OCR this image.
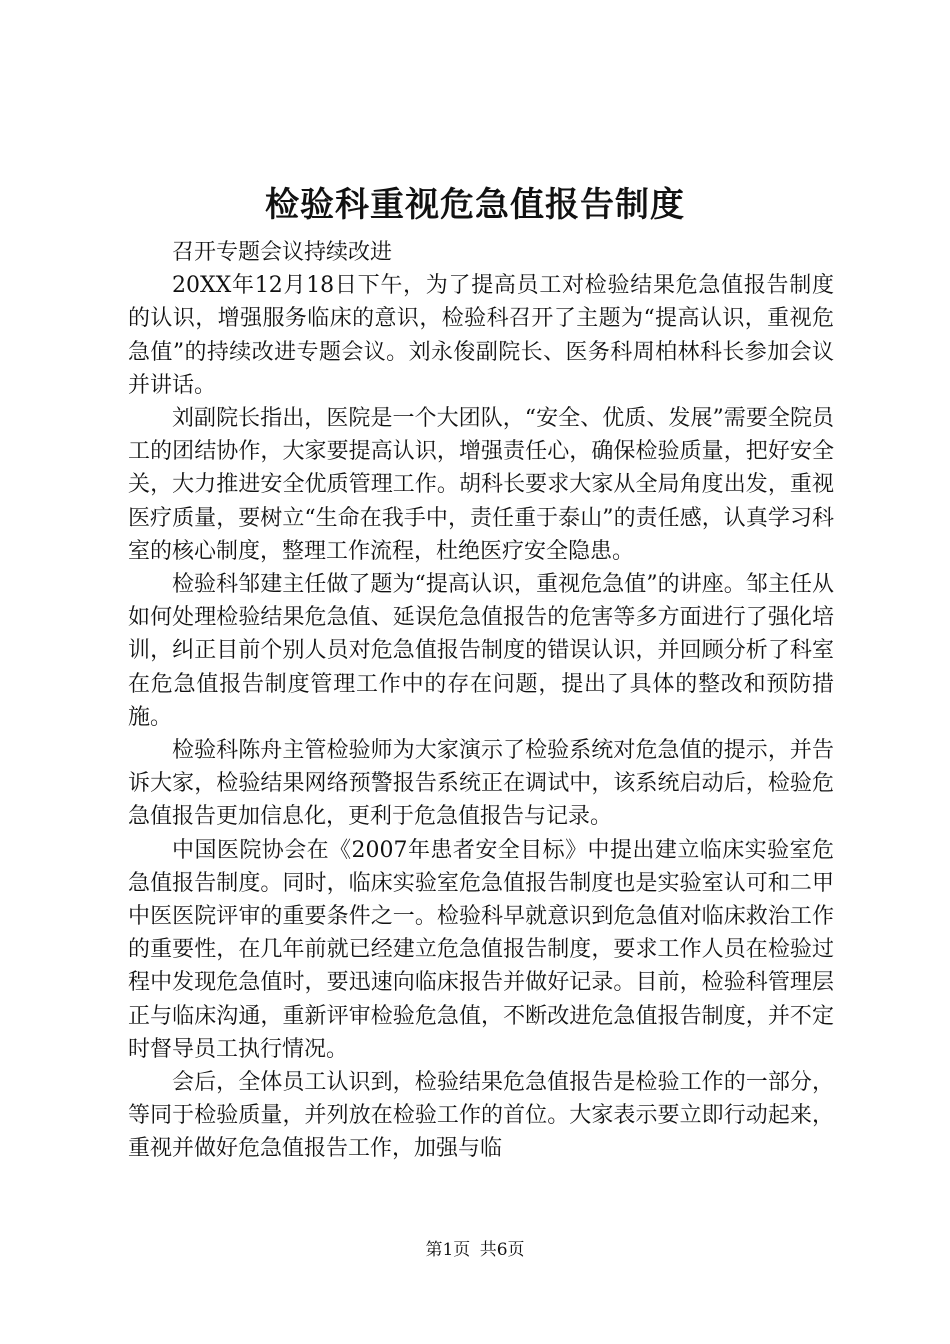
检验科重视危急值报告制度

召开专题会议持续改进

20XX年12月18日下午，为了提高员工对检验结果危急值报告制度的认识，增强服务临床的意识，检验科召开了主题为“提高认识，重视危急值”的持续改进专题会议。刘永俊副院长、医务科周柏林科长参加会议并讲话。

刘副院长指出，医院是一个大团队，“安全、优质、发展”需要全院员工的团结协作，大家要提高认识，增强责任心，确保检验质量，把好安全关，大力推进安全优质管理工作。胡科长要求大家从全局角度出发，重视医疗质量，要树立“生命在我手中，责任重于泰山”的责任感，认真学习科室的核心制度，整理工作流程，杜绝医疗安全隐患。

检验科邹建主任做了题为“提高认识，重视危急值”的讲座。邹主任从如何处理检验结果危急值、延误危急值报告的危害等多方面进行了强化培训，纠正目前个别人员对危急值报告制度的错误认识，并回顾分析了科室在危急值报告制度管理工作中的存在问题，提出了具体的整改和预防措施。

检验科陈舟主管检验师为大家演示了检验系统对危急值的提示，并告诉大家，检验结果网络预警报告系统正在调试中，该系统启动后，检验危急值报告更加信息化，更利于危急值报告与记录。

中国医院协会在《2007年患者安全目标》中提出建立临床实验室危急值报告制度。同时，临床实验室危急值报告制度也是实验室认可和二甲中医医院评审的重要条件之一。检验科早就意识到危急值对临床救治工作的重要性，在几年前就已经建立危急值报告制度，要求工作人员在检验过程中发现危急值时，要迅速向临床报告并做好记录。目前，检验科管理层正与临床沟通，重新评审检验危急值，不断改进危急值报告制度，并不定时督导员工执行情况。

会后，全体员工认识到，检验结果危急值报告是检验工作的一部分，等同于检验质量，并列放在检验工作的首位。大家表示要立即行动起来，重视并做好危急值报告工作，加强与临

第1页 共6页
